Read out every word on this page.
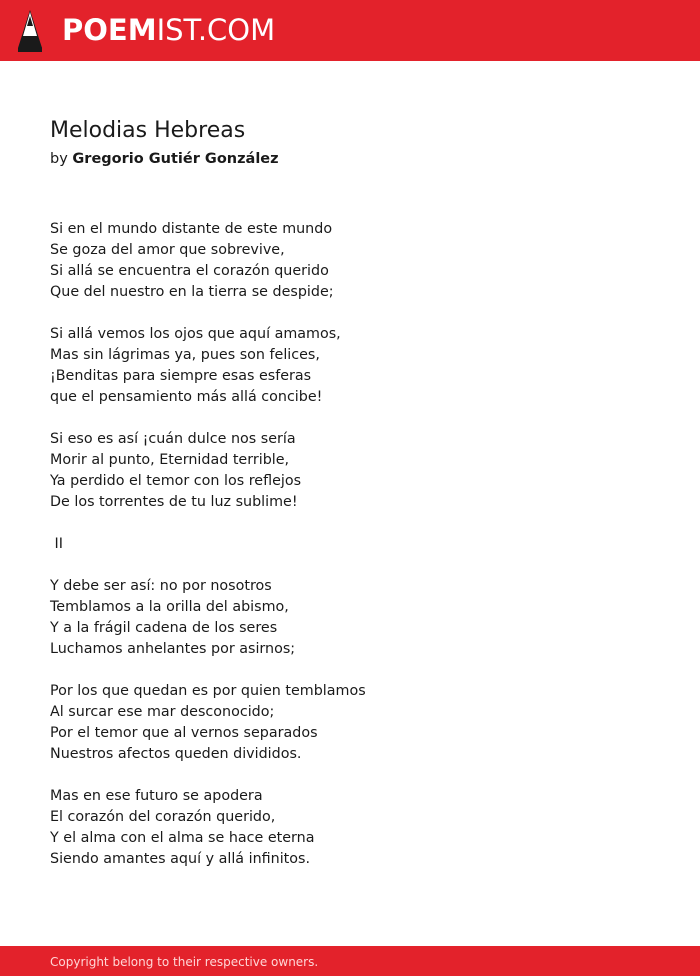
POEMIST.COM
Melodias Hebreas
by Gregorio Gutiér González
Si en el mundo distante de este mundo
Se goza del amor que sobrevive,
Si allá se encuentra el corazón querido
Que del nuestro en la tierra se despide;
Si allá vemos los ojos que aquí amamos,
Mas sin lágrimas ya, pues son felices,
¡Benditas para siempre esas esferas
que el pensamiento más allá concibe!
Si eso es así ¡cuán dulce nos sería
Morir al punto, Eternidad terrible,
Ya perdido el temor con los reflejos
De los torrentes de tu luz sublime!
II
Y debe ser así: no por nosotros
Temblamos a la orilla del abismo,
Y a la frágil cadena de los seres
Luchamos anhelantes por asirnos;
Por los que quedan es por quien temblamos
Al surcar ese mar desconocido;
Por el temor que al vernos separados
Nuestros afectos queden divididos.
Mas en ese futuro se apodera
El corazón del corazón querido,
Y el alma con el alma se hace eterna
Siendo amantes aquí y allá infinitos.
Copyright belong to their respective owners.
